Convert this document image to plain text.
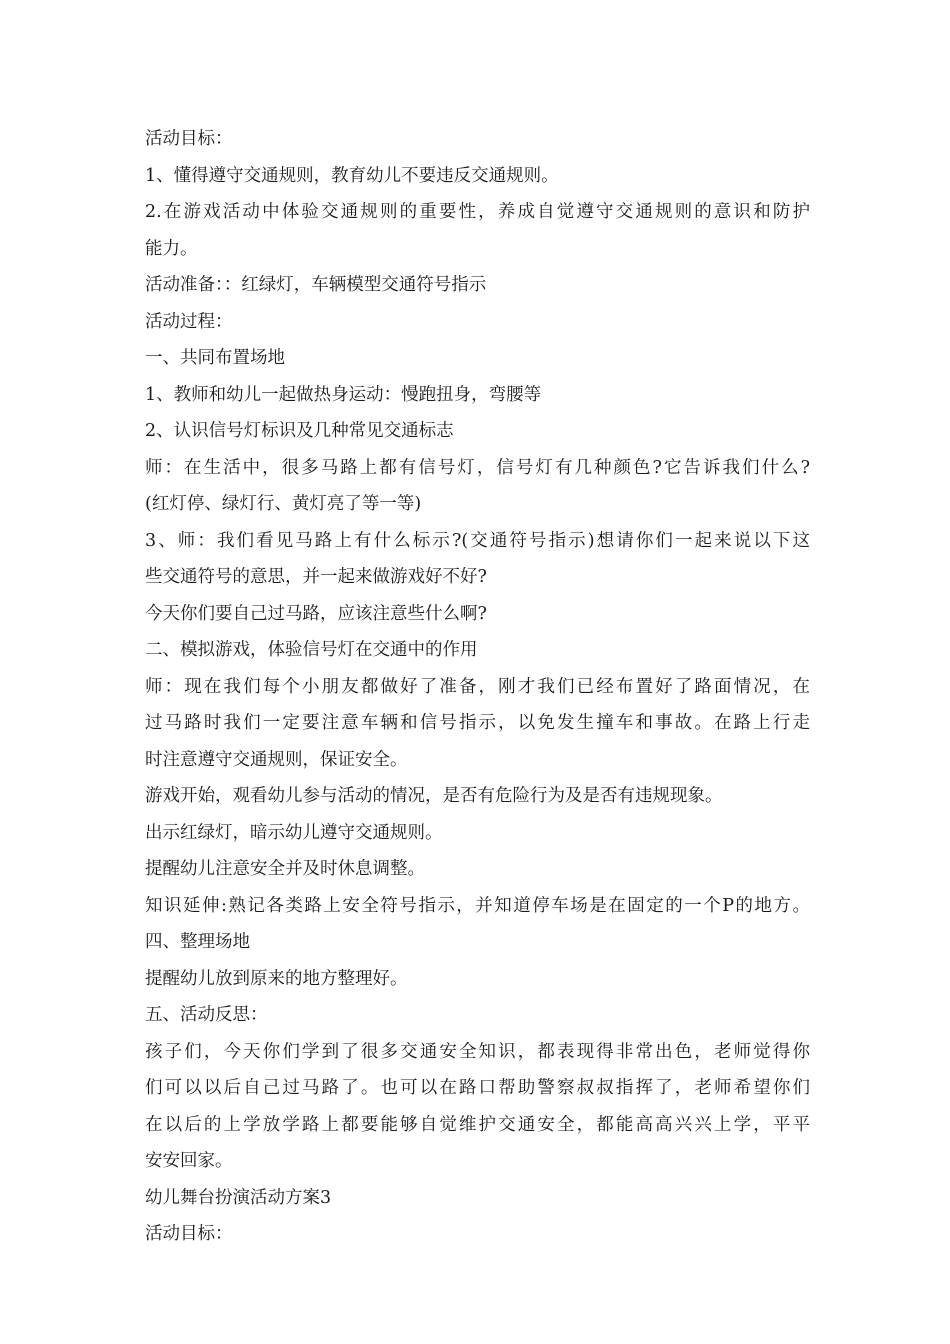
活动目标：
1、懂得遵守交通规则，教育幼儿不要违反交通规则。
2.在游戏活动中体验交通规则的重要性，养成自觉遵守交通规则的意识和防护
能力。
活动准备：：红绿灯，车辆模型交通符号指示
活动过程：
一、共同布置场地
1、教师和幼儿一起做热身运动：慢跑扭身，弯腰等
2、认识信号灯标识及几种常见交通标志
师：在生活中，很多马路上都有信号灯，信号灯有几种颜色?它告诉我们什么?
(红灯停、绿灯行、黄灯亮了等一等)
3、师：我们看见马路上有什么标示?(交通符号指示)想请你们一起来说以下这
些交通符号的意思，并一起来做游戏好不好?
今天你们要自己过马路，应该注意些什么啊?
二、模拟游戏，体验信号灯在交通中的作用
师：现在我们每个小朋友都做好了准备，刚才我们已经布置好了路面情况，在
过马路时我们一定要注意车辆和信号指示，以免发生撞车和事故。在路上行走
时注意遵守交通规则，保证安全。
游戏开始，观看幼儿参与活动的情况，是否有危险行为及是否有违规现象。
出示红绿灯，暗示幼儿遵守交通规则。
提醒幼儿注意安全并及时休息调整。
知识延伸:熟记各类路上安全符号指示，并知道停车场是在固定的一个P的地方。
四、整理场地
提醒幼儿放到原来的地方整理好。
五、活动反思：
孩子们，今天你们学到了很多交通安全知识，都表现得非常出色，老师觉得你
们可以以后自己过马路了。也可以在路口帮助警察叔叔指挥了，老师希望你们
在以后的上学放学路上都要能够自觉维护交通安全，都能高高兴兴上学，平平
安安回家。
幼儿舞台扮演活动方案3
活动目标：
